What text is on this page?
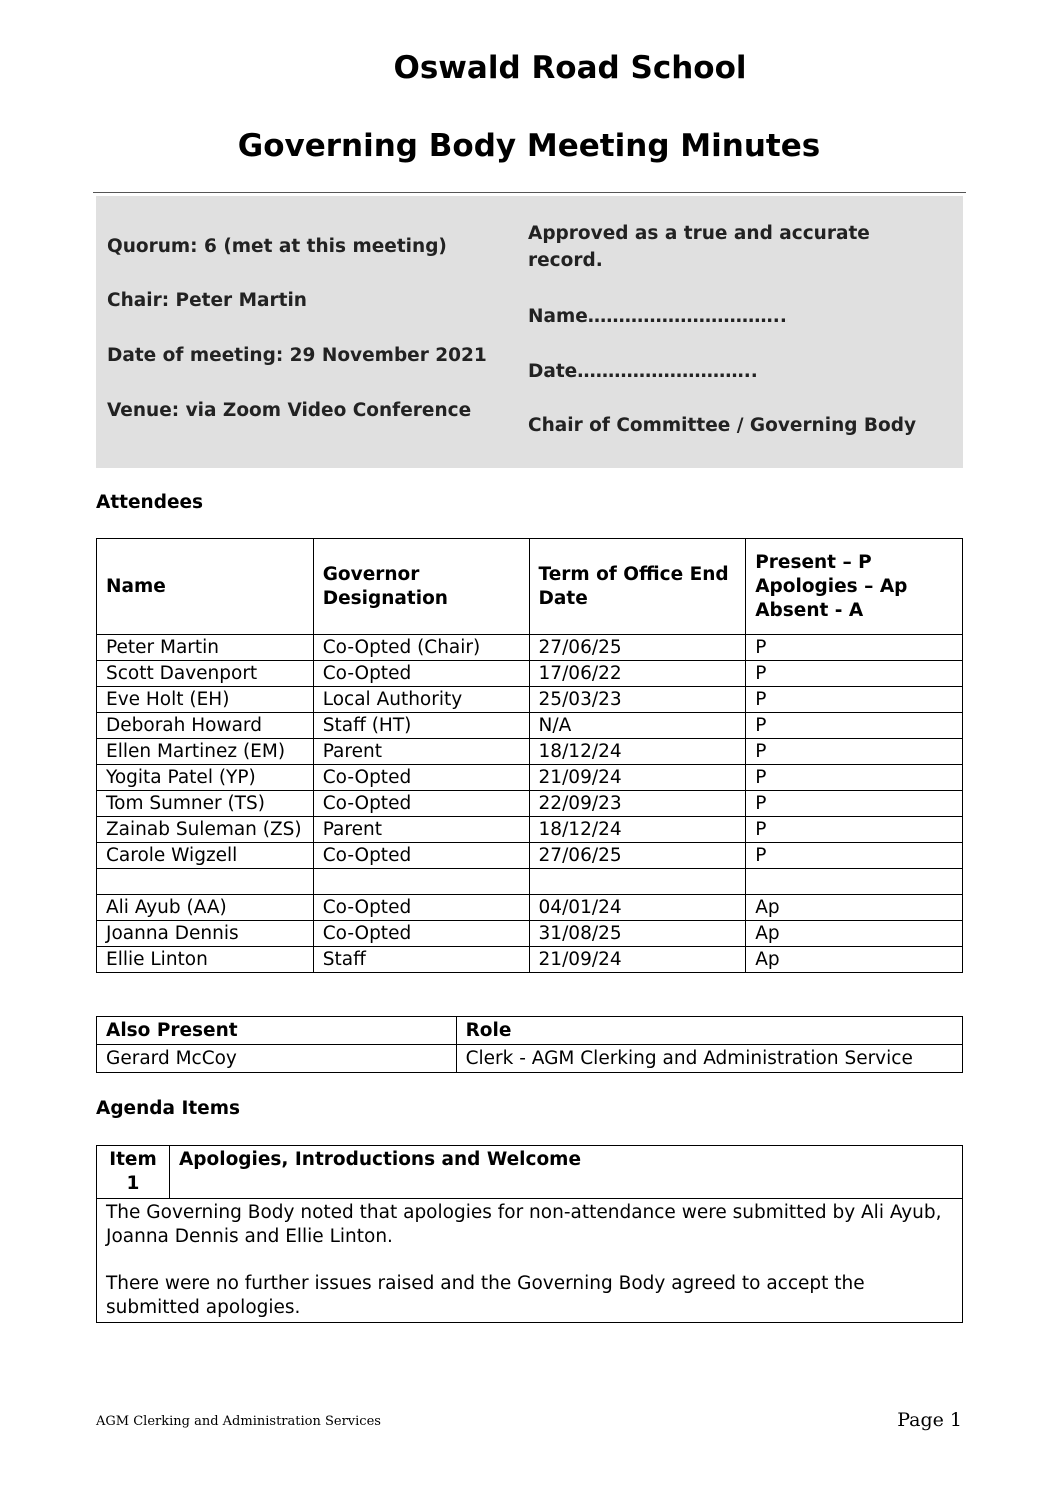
Oswald Road School
Governing Body Meeting Minutes
Quorum: 6 (met at this meeting)
Chair: Peter Martin
Date of meeting: 29 November 2021
Venue: via Zoom Video Conference
Approved as a true and accurate record.
Name…………………………..
Date………………………..
Chair of Committee / Governing Body
Attendees
Name	Governor Designation	Term of Office End Date	Present – P
Apologies – Ap
Absent - A

Peter Martin	Co-Opted (Chair)	27/06/25	P
Scott Davenport	Co-Opted	17/06/22	P
Eve Holt (EH)	Local Authority	25/03/23	P
Deborah Howard	Staff (HT)	N/A	P
Ellen Martinez (EM)	Parent	18/12/24	P
Yogita Patel (YP)	Co-Opted	21/09/24	P
Tom Sumner (TS)	Co-Opted	22/09/23	P
Zainab Suleman (ZS)	Parent	18/12/24	P
Carole Wigzell	Co-Opted	27/06/25	P

Ali Ayub (AA)	Co-Opted	04/01/24	Ap
Joanna Dennis	Co-Opted	31/08/25	Ap
Ellie Linton	Staff	21/09/24	Ap
Also Present	Role
Gerard McCoy	Clerk - AGM Clerking and Administration Service
Agenda Items
Item 1	Apologies, Introductions and Welcome

The Governing Body noted that apologies for non-attendance were submitted by Ali Ayub, Joanna Dennis and Ellie Linton.
There were no further issues raised and the Governing Body agreed to accept the submitted apologies.
AGM Clerking and Administration Services	Page 1
